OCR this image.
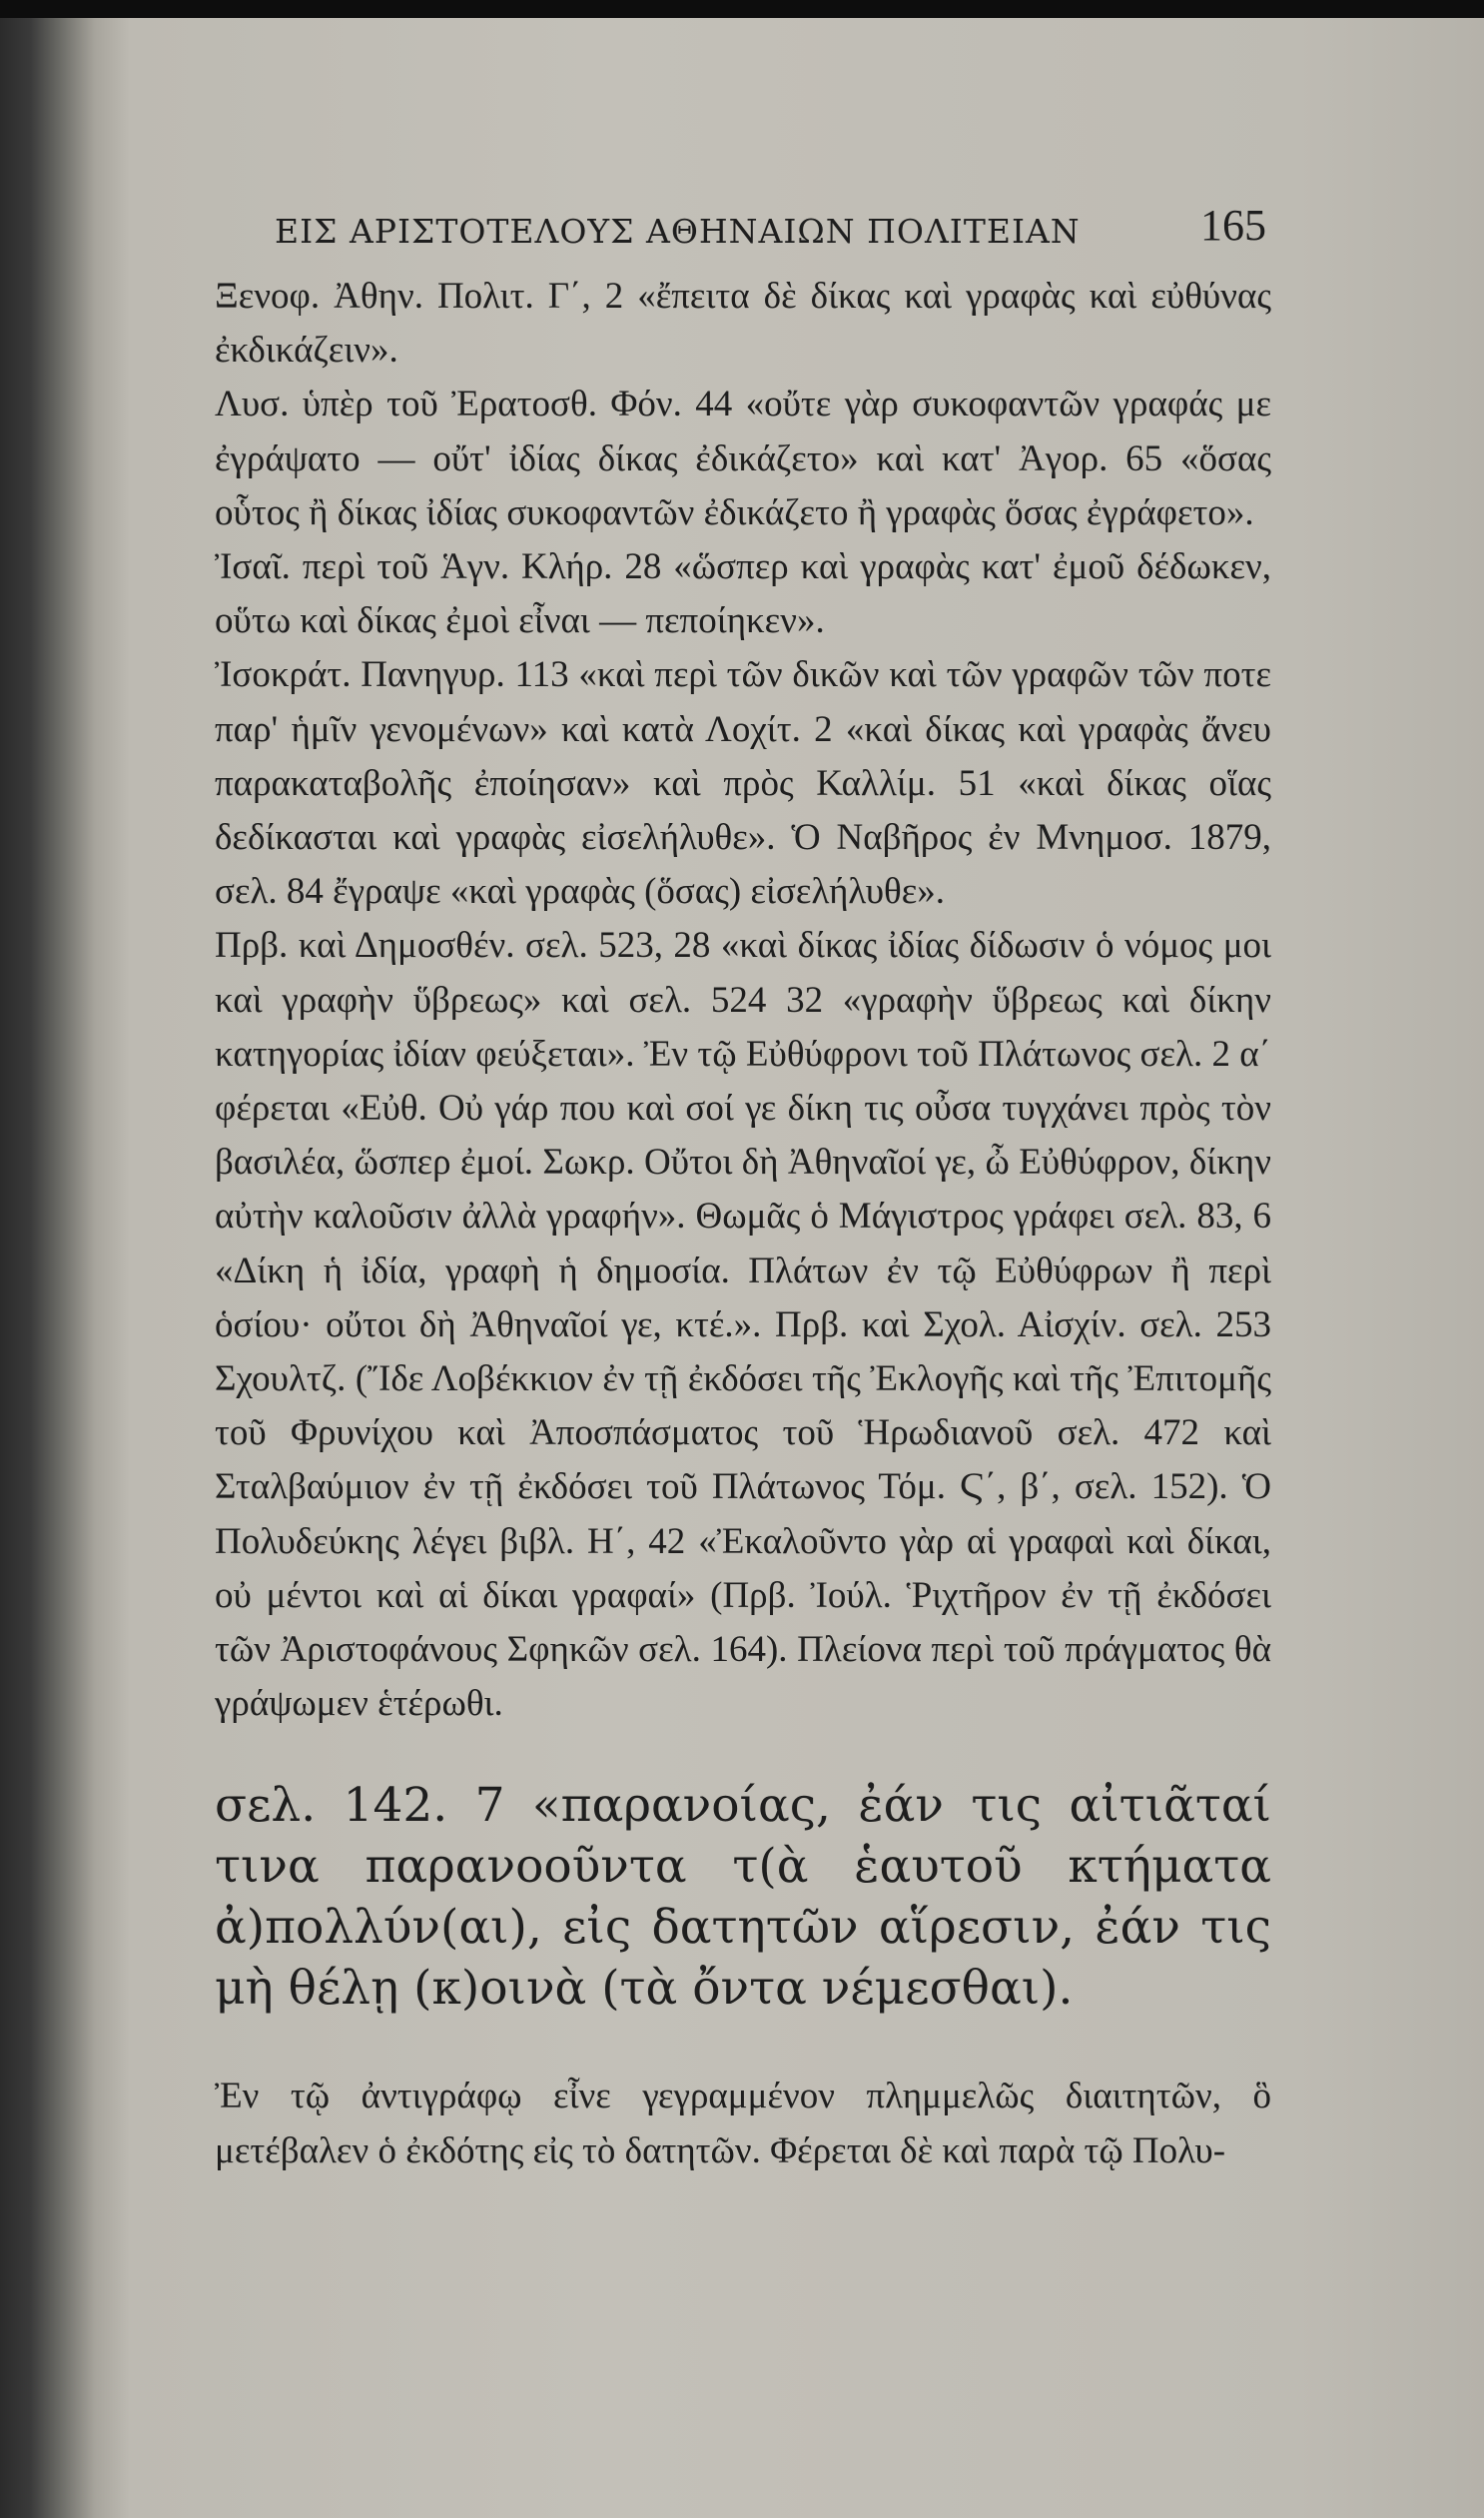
ΕΙΣ ΑΡΙΣΤΟΤΕΛΟΥΣ ΑΘΗΝΑΙΩΝ ΠΟΛΙΤΕΙΑΝ	165

Ξενοφ. Ἀθην. Πολιτ. Γ΄, 2 «ἔπειτα δὲ δίκας καὶ γραφὰς καὶ εὐθύνας ἐκδικάζειν».

Λυσ. ὑπὲρ τοῦ Ἐρατοσθ. Φόν. 44 «οὔτε γὰρ συκοφαντῶν γραφάς με ἐγράψατο — οὔτ' ἰδίας δίκας ἐδικάζετο» καὶ κατ' Ἀγορ. 65 «ὅσας οὗτος ἢ δίκας ἰδίας συκοφαντῶν ἐδικάζετο ἢ γραφὰς ὅσας ἐγράφετο».

Ἰσαῖ. περὶ τοῦ Ἁγν. Κλήρ. 28 «ὥσπερ καὶ γραφὰς κατ' ἐμοῦ δέδωκεν, οὕτω καὶ δίκας ἐμοὶ εἶναι — πεποίηκεν».

Ἰσοκράτ. Πανηγυρ. 113 «καὶ περὶ τῶν δικῶν καὶ τῶν γραφῶν τῶν ποτε παρ' ἡμῖν γενομένων» καὶ κατὰ Λοχίτ. 2 «καὶ δίκας καὶ γραφὰς ἄνευ παρακαταβολῆς ἐποίησαν» καὶ πρὸς Καλλίμ. 51 «καὶ δίκας οἵας δεδίκασται καὶ γραφὰς εἰσελήλυθε». Ὁ Ναβῆρος ἐν Μνημοσ. 1879, σελ. 84 ἔγραψε «καὶ γραφὰς (ὅσας) εἰσελήλυθε».

Πρβ. καὶ Δημοσθέν. σελ. 523, 28 «καὶ δίκας ἰδίας δίδωσιν ὁ νόμος μοι καὶ γραφὴν ὕβρεως» καὶ σελ. 524 32 «γραφὴν ὕβρεως καὶ δίκην κατηγορίας ἰδίαν φεύξεται». Ἐν τῷ Εὐθύφρονι τοῦ Πλάτωνος σελ. 2 α΄ φέρεται «Εὐθ. Οὐ γάρ που καὶ σοί γε δίκη τις οὖσα τυγχάνει πρὸς τὸν βασιλέα, ὥσπερ ἐμοί. Σωκρ. Οὔτοι δὴ Ἀθηναῖοί γε, ὦ Εὐθύφρον, δίκην αὐτὴν καλοῦσιν ἀλλὰ γραφήν». Θωμᾶς ὁ Μάγιστρος γράφει σελ. 83, 6 «Δίκη ἡ ἰδία, γραφὴ ἡ δημοσία. Πλάτων ἐν τῷ Εὐθύφρων ἢ περὶ ὁσίου· οὔτοι δὴ Ἀθηναῖοί γε, κτέ.». Πρβ. καὶ Σχολ. Αἰσχίν. σελ. 253 Σχουλτζ. (Ἴδε Λοβέκκιον ἐν τῇ ἐκδόσει τῆς Ἐκλογῆς καὶ τῆς Ἐπιτομῆς τοῦ Φρυνίχου καὶ Ἀποσπάσματος τοῦ Ἡρωδιανοῦ σελ. 472 καὶ Σταλβαύμιον ἐν τῇ ἐκδόσει τοῦ Πλάτωνος Τόμ. Ϛ΄, β΄, σελ. 152). Ὁ Πολυδεύκης λέγει βιβλ. Η΄, 42 «Ἐκαλοῦντο γὰρ αἱ γραφαὶ καὶ δίκαι, οὐ μέντοι καὶ αἱ δίκαι γραφαί» (Πρβ. Ἰούλ. Ῥιχτῆρον ἐν τῇ ἐκδόσει τῶν Ἀριστοφάνους Σφηκῶν σελ. 164). Πλείονα περὶ τοῦ πράγματος θὰ γράψωμεν ἑτέρωθι.

σελ. 142. 7 «παρανοίας, ἐάν τις αἰτιᾶταί τινα παρανοοῦντα τ(ὰ ἑαυτοῦ κτήματα ἀ)πολλύν(αι), εἰς δατητῶν αἵρεσιν, ἐάν τις μὴ θέλῃ (κ)οινὰ (τὰ ὄντα νέμεσθαι).

Ἐν τῷ ἀντιγράφῳ εἶνε γεγραμμένον πλημμελῶς διαιτητῶν, ὃ μετέβαλεν ὁ ἐκδότης εἰς τὸ δατητῶν. Φέρεται δὲ καὶ παρὰ τῷ Πολυ-
